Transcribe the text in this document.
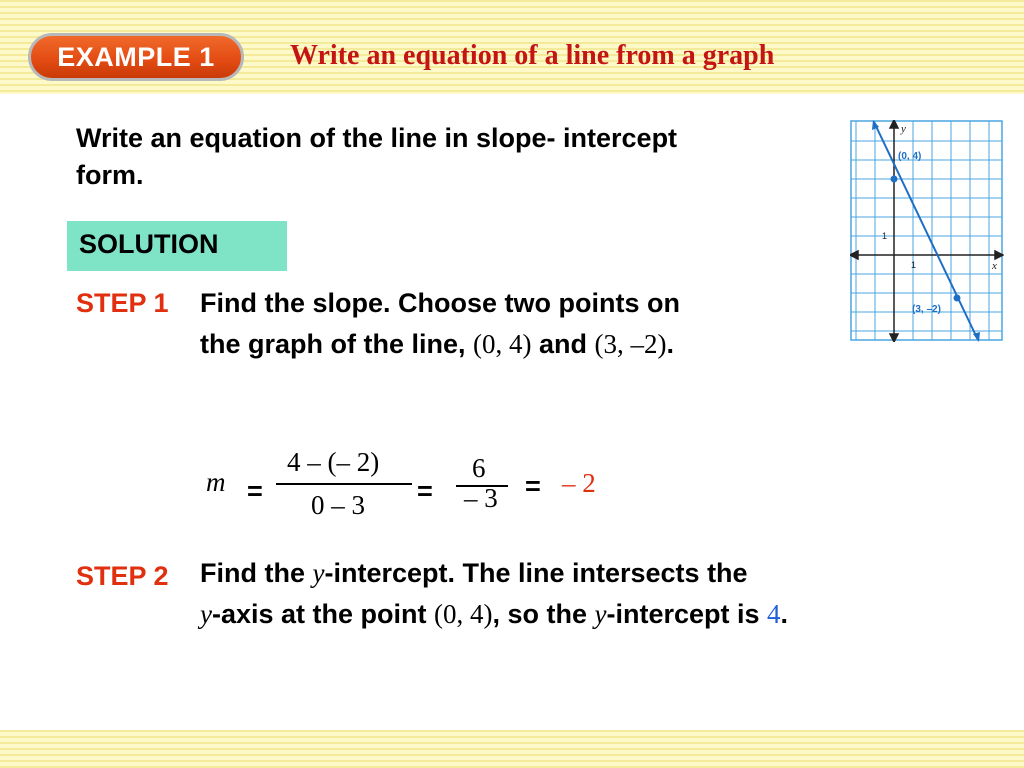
EXAMPLE 1	Write an equation of a line from a graph
Write an equation of the line in slope- intercept
form.
SOLUTION
STEP 1 Find the slope. Choose two points on
the graph of the line, (0, 4) and (3, –2).
m =
4 – (– 2)
0 – 3 =
6
– 3 = – 2
STEP 2 Find the y-intercept. The line intersects the
y-axis at the point (0, 4), so the y-intercept is 4.
y
x
1
1
(0, 4)
(3, –2)
